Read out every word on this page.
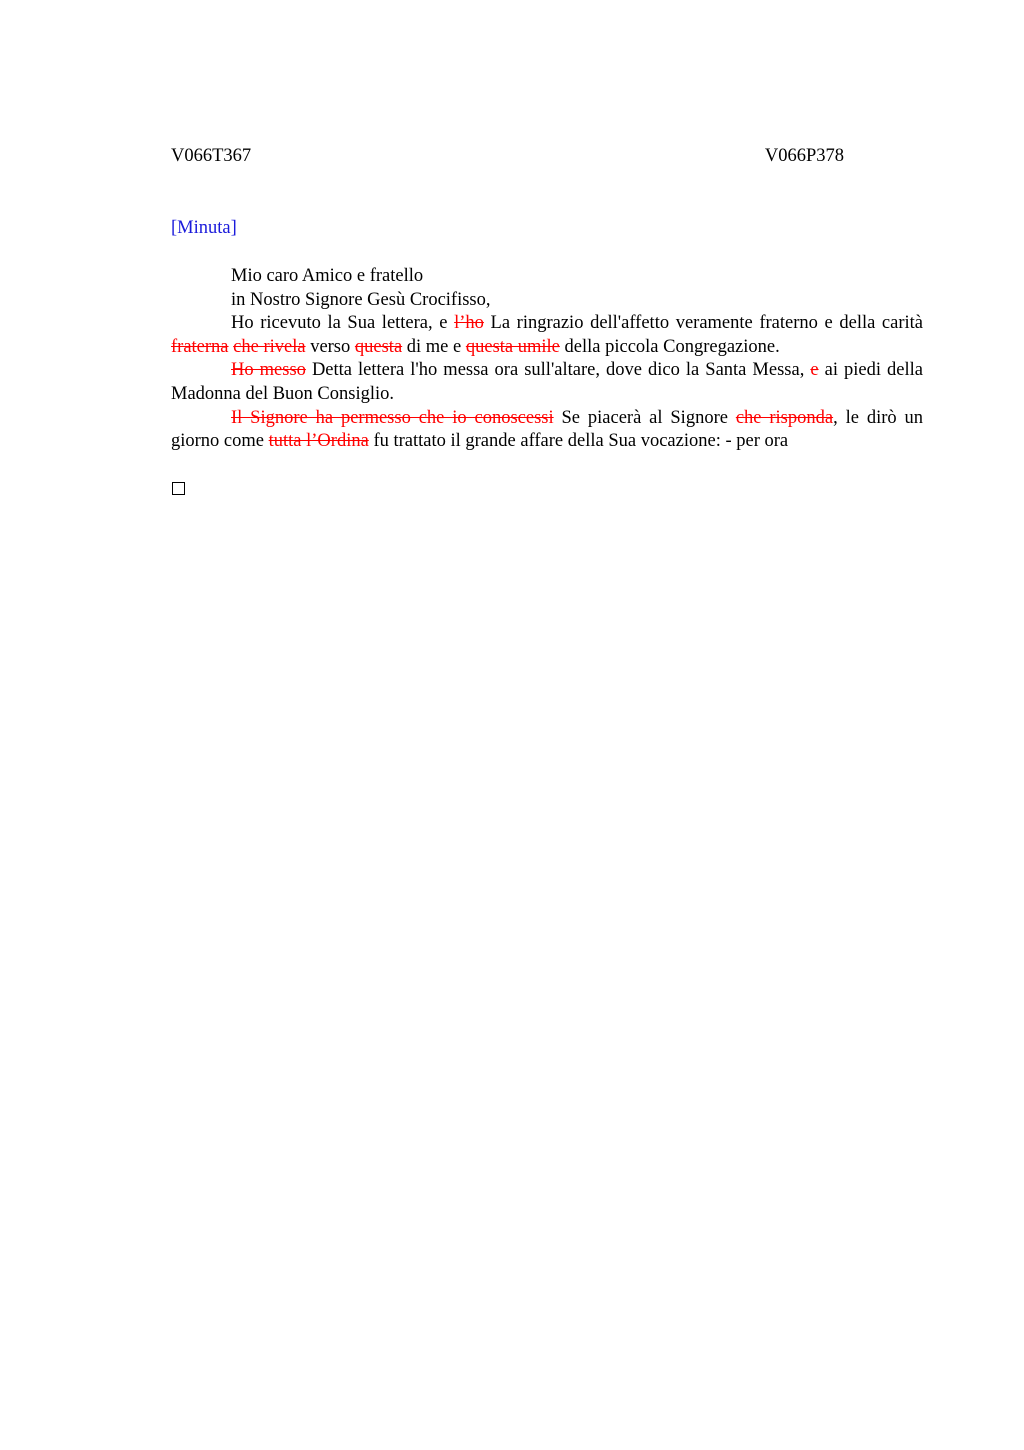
V066T367	V066P378
[Minuta]

Mio caro Amico e fratello

in Nostro Signore Gesù Crocifisso,

Ho ricevuto la Sua lettera, e l’ho La ringrazio dell'affetto veramente fraterno e della carità fraterna che rivela verso questa di me e questa umile della piccola Congregazione.

Ho messo Detta lettera l'ho messa ora sull'altare, dove dico la Santa Messa, e ai piedi della Madonna del Buon Consiglio.

Il Signore ha permesso che io conoscessi Se piacerà al Signore che risponda, le dirò un giorno come tutta l’Ordina fu trattato il grande affare della Sua vocazione: - per ora
